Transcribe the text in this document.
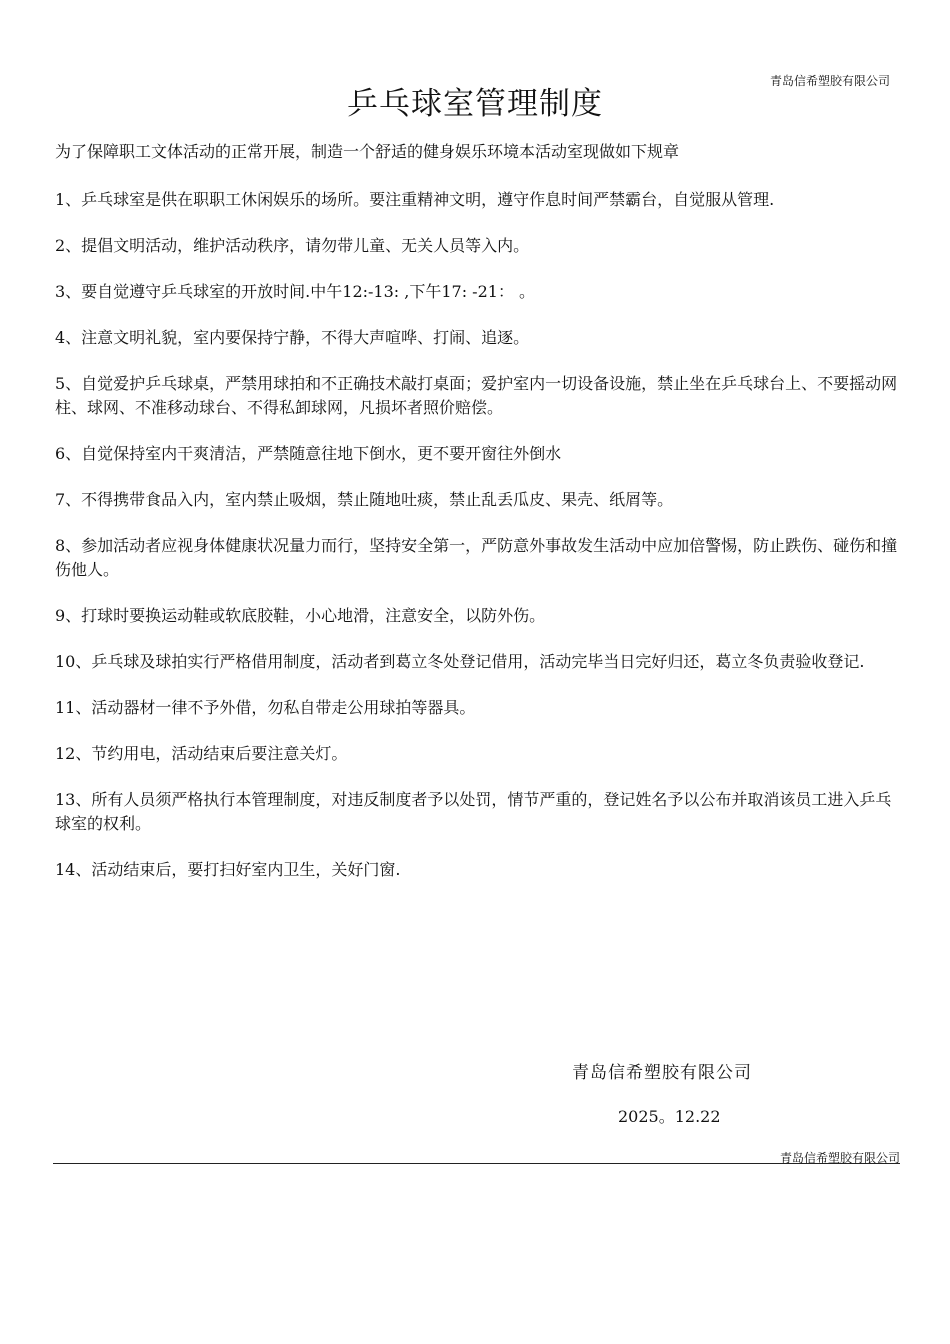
青岛信希塑胶有限公司
乒乓球室管理制度
为了保障职工文体活动的正常开展，制造一个舒适的健身娱乐环境本活动室现做如下规章
1、乒乓球室是供在职职工休闲娱乐的场所。要注重精神文明，遵守作息时间严禁霸台，自觉服从管理.
2、提倡文明活动，维护活动秩序，请勿带儿童、无关人员等入内。
3、要自觉遵守乒乓球室的开放时间.中午12:-13: ,下午17: -21： 。
4、注意文明礼貌，室内要保持宁静，不得大声喧哗、打闹、追逐。
5、自觉爱护乒乓球桌，严禁用球拍和不正确技术敲打桌面；爱护室内一切设备设施，禁止坐在乒乓球台上、不要摇动网柱、球网、不准移动球台、不得私卸球网，凡损坏者照价赔偿。
6、自觉保持室内干爽清洁，严禁随意往地下倒水，更不要开窗往外倒水
7、不得携带食品入内，室内禁止吸烟，禁止随地吐痰，禁止乱丢瓜皮、果壳、纸屑等。
8、参加活动者应视身体健康状况量力而行，坚持安全第一，严防意外事故发生活动中应加倍警惕，防止跌伤、碰伤和撞伤他人。
9、打球时要换运动鞋或软底胶鞋，小心地滑，注意安全，以防外伤。
10、乒乓球及球拍实行严格借用制度，活动者到葛立冬处登记借用，活动完毕当日完好归还，葛立冬负责验收登记.
11、活动器材一律不予外借，勿私自带走公用球拍等器具。
12、节约用电，活动结束后要注意关灯。
13、所有人员须严格执行本管理制度，对违反制度者予以处罚，情节严重的，登记姓名予以公布并取消该员工进入乒乓球室的权利。
14、活动结束后，要打扫好室内卫生，关好门窗.
青岛信希塑胶有限公司
2025。12.22
青岛信希塑胶有限公司
